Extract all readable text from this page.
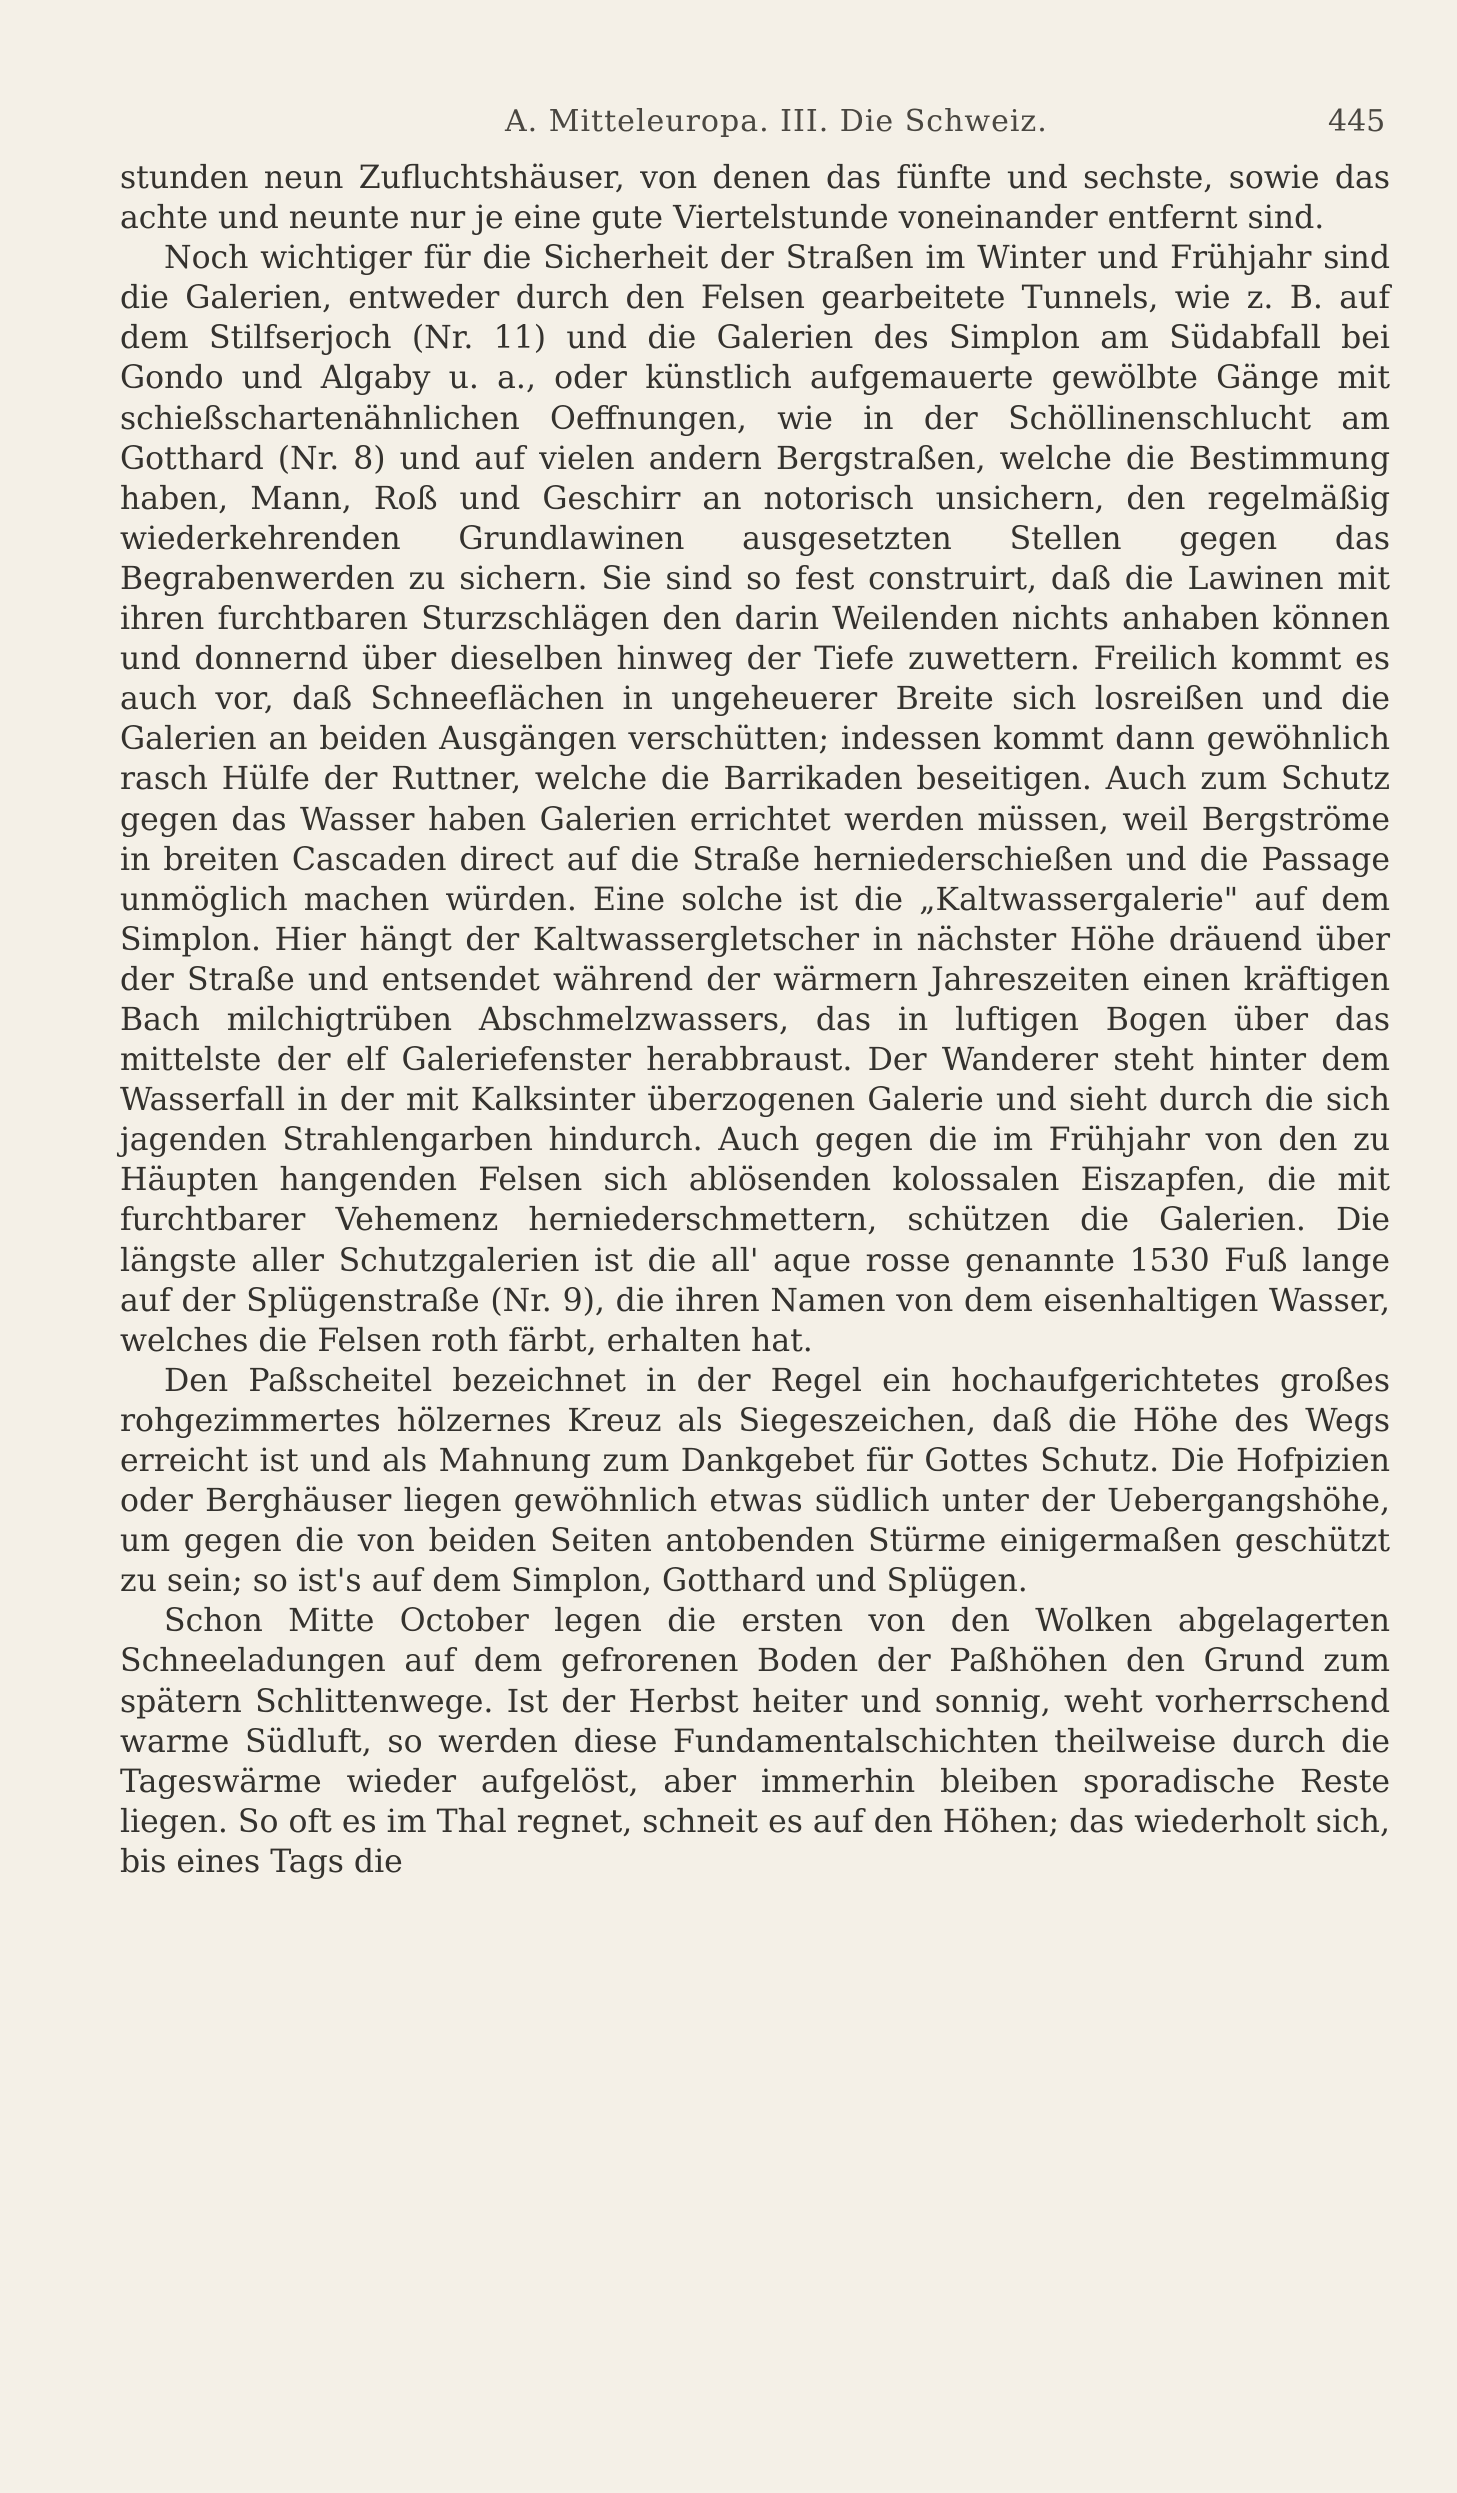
A. Mitteleuropa. III. Die Schweiz.	445

stunden neun Zufluchtshäuser, von denen das fünfte und sechste, sowie das achte und neunte nur je eine gute Viertelstunde voneinander entfernt sind.

Noch wichtiger für die Sicherheit der Straßen im Winter und Frühjahr sind die Galerien, entweder durch den Felsen gearbeitete Tunnels, wie z. B. auf dem Stilfserjoch (Nr. 11) und die Galerien des Simplon am Südabfall bei Gondo und Algaby u. a., oder künstlich aufgemauerte gewölbte Gänge mit schießschartenähnlichen Oeffnungen, wie in der Schöllinenschlucht am Gotthard (Nr. 8) und auf vielen andern Bergstraßen, welche die Bestimmung haben, Mann, Roß und Geschirr an notorisch unsichern, den regelmäßig wiederkehrenden Grundlawinen ausgesetzten Stellen gegen das Begrabenwerden zu sichern. Sie sind so fest construirt, daß die Lawinen mit ihren furchtbaren Sturzschlägen den darin Weilenden nichts anhaben können und donnernd über dieselben hinweg der Tiefe zuwettern. Freilich kommt es auch vor, daß Schneeflächen in ungeheuerer Breite sich losreißen und die Galerien an beiden Ausgängen verschütten; indessen kommt dann gewöhnlich rasch Hülfe der Ruttner, welche die Barrikaden beseitigen. Auch zum Schutz gegen das Wasser haben Galerien errichtet werden müssen, weil Bergströme in breiten Cascaden direct auf die Straße herniederschießen und die Passage unmöglich machen würden. Eine solche ist die „Kaltwassergalerie" auf dem Simplon. Hier hängt der Kaltwassergletscher in nächster Höhe dräuend über der Straße und entsendet während der wärmern Jahreszeiten einen kräftigen Bach milchigtrüben Abschmelzwassers, das in luftigen Bogen über das mittelste der elf Galeriefenster herabbraust. Der Wanderer steht hinter dem Wasserfall in der mit Kalksinter überzogenen Galerie und sieht durch die sich jagenden Strahlengarben hindurch. Auch gegen die im Frühjahr von den zu Häupten hangenden Felsen sich ablösenden kolossalen Eiszapfen, die mit furchtbarer Vehemenz herniederschmettern, schützen die Galerien. Die längste aller Schutzgalerien ist die all' aque rosse genannte 1530 Fuß lange auf der Splügenstraße (Nr. 9), die ihren Namen von dem eisenhaltigen Wasser, welches die Felsen roth färbt, erhalten hat.

Den Paßscheitel bezeichnet in der Regel ein hochaufgerichtetes großes rohgezimmertes hölzernes Kreuz als Siegeszeichen, daß die Höhe des Wegs erreicht ist und als Mahnung zum Dankgebet für Gottes Schutz. Die Hofpizien oder Berghäuser liegen gewöhnlich etwas südlich unter der Uebergangshöhe, um gegen die von beiden Seiten antobenden Stürme einigermaßen geschützt zu sein; so ist's auf dem Simplon, Gotthard und Splügen.

Schon Mitte October legen die ersten von den Wolken abgelagerten Schneeladungen auf dem gefrorenen Boden der Paßhöhen den Grund zum spätern Schlittenwege. Ist der Herbst heiter und sonnig, weht vorherrschend warme Südluft, so werden diese Fundamentalschichten theilweise durch die Tageswärme wieder aufgelöst, aber immerhin bleiben sporadische Reste liegen. So oft es im Thal regnet, schneit es auf den Höhen; das wiederholt sich, bis eines Tags die
